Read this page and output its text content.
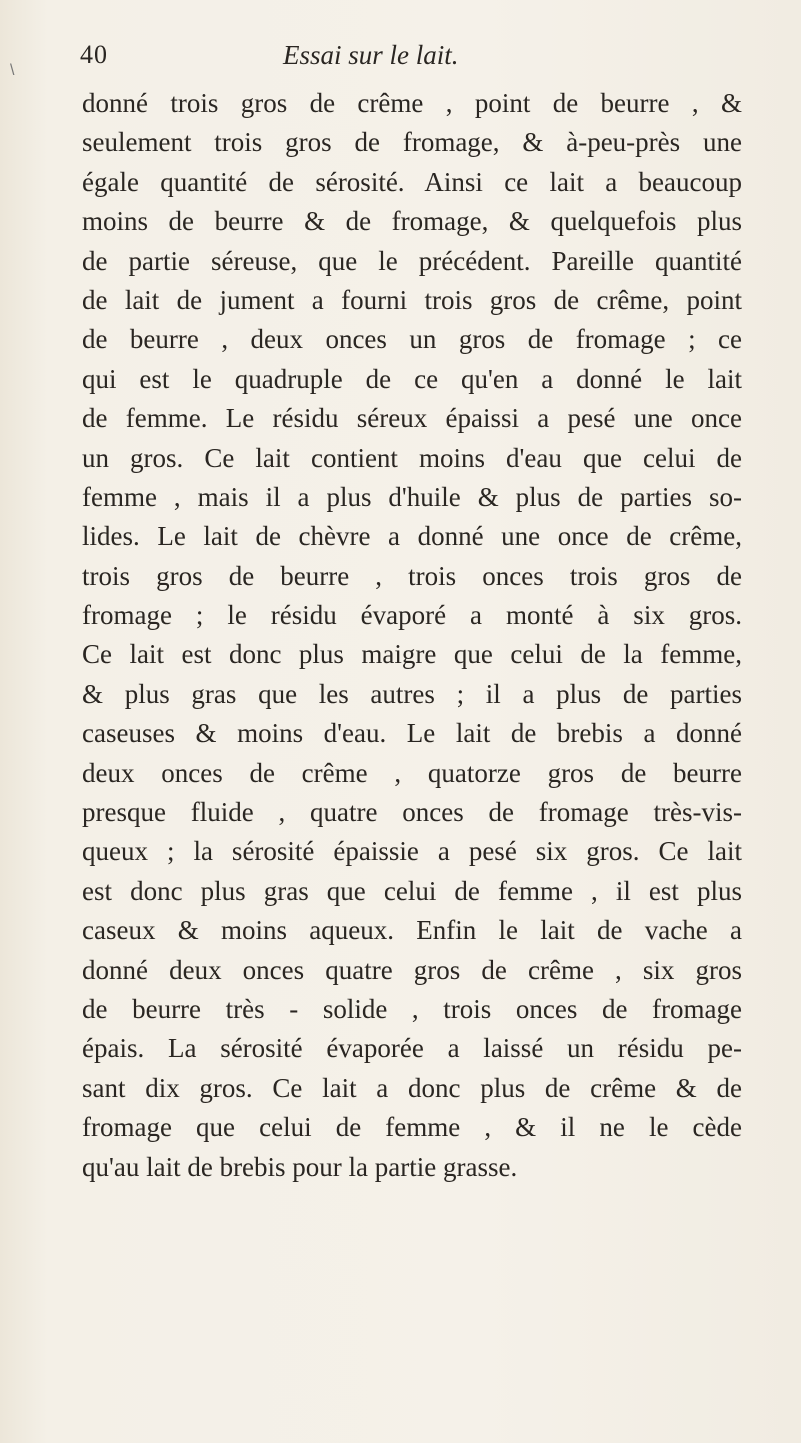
\
40	Essai sur le lait.
donné trois gros de crême , point de beurre , &
seulement trois gros de fromage, & à-peu-près une
égale quantité de sérosité. Ainsi ce lait a beaucoup
moins de beurre & de fromage, & quelquefois plus
de partie séreuse, que le précédent. Pareille quantité
de lait de jument a fourni trois gros de crême, point
de beurre , deux onces un gros de fromage ; ce
qui est le quadruple de ce qu'en a donné le lait
de femme. Le résidu séreux épaissi a pesé une once
un gros. Ce lait contient moins d'eau que celui de
femme , mais il a plus d'huile & plus de parties so-
lides. Le lait de chèvre a donné une once de crême,
trois gros de beurre , trois onces trois gros de
fromage ; le résidu évaporé a monté à six gros.
Ce lait est donc plus maigre que celui de la femme,
& plus gras que les autres ; il a plus de parties
caseuses & moins d'eau. Le lait de brebis a donné
deux onces de crême , quatorze gros de beurre
presque fluide , quatre onces de fromage très-vis-
queux ; la sérosité épaissie a pesé six gros. Ce lait
est donc plus gras que celui de femme , il est plus
caseux & moins aqueux. Enfin le lait de vache a
donné deux onces quatre gros de crême , six gros
de beurre très - solide , trois onces de fromage
épais. La sérosité évaporée a laissé un résidu pe-
sant dix gros. Ce lait a donc plus de crême & de
fromage que celui de femme , & il ne le cède
qu'au lait de brebis pour la partie grasse.
